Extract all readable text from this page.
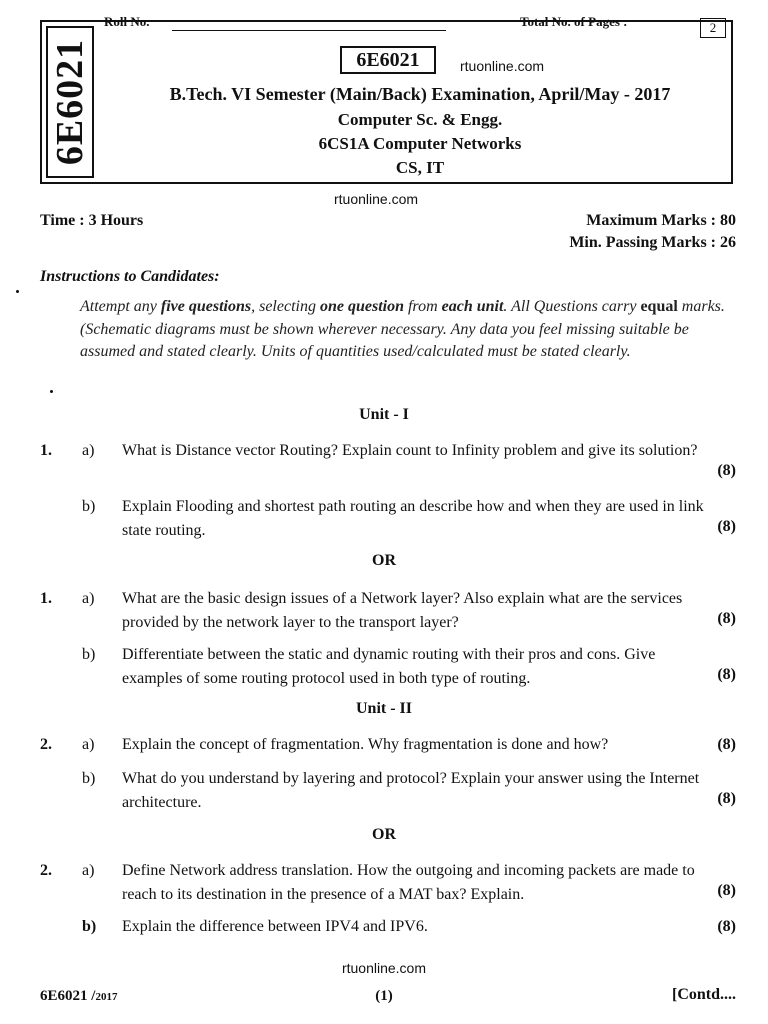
6E6021
Roll No.	Total No. of Pages :	2
6E6021	rtuonline.com
B.Tech. VI Semester (Main/Back) Examination, April/May - 2017
Computer Sc. & Engg.
6CS1A Computer Networks
CS, IT
rtuonline.com
Time : 3 Hours	Maximum Marks : 80
Min. Passing Marks : 26
Instructions to Candidates:
Attempt any five questions, selecting one question from each unit. All Questions carry equal marks. (Schematic diagrams must be shown wherever necessary. Any data you feel missing suitable be assumed and stated clearly. Units of quantities used/calculated must be stated clearly.
Unit - I
1. a) What is Distance vector Routing? Explain count to Infinity problem and give its solution?
(8)
b) Explain Flooding and shortest path routing an describe how and when they are used in link state routing.	(8)
OR
1. a) What are the basic design issues of a Network layer? Also explain what are the services provided by the network layer to the transport layer?	(8)
b) Differentiate between the static and dynamic routing with their pros and cons. Give examples of some routing protocol used in both type of routing.	(8)
Unit - II
2. a) Explain the concept of fragmentation. Why fragmentation is done and how?	(8)
b) What do you understand by layering and protocol? Explain your answer using the Internet architecture.	(8)
OR
2. a) Define Network address translation. How the outgoing and incoming packets are made to reach to its destination in the presence of a MAT bax? Explain.	(8)
b) Explain the difference between IPV4 and IPV6.	(8)
rtuonline.com
6E6021 /2017	(1)	[Contd....
